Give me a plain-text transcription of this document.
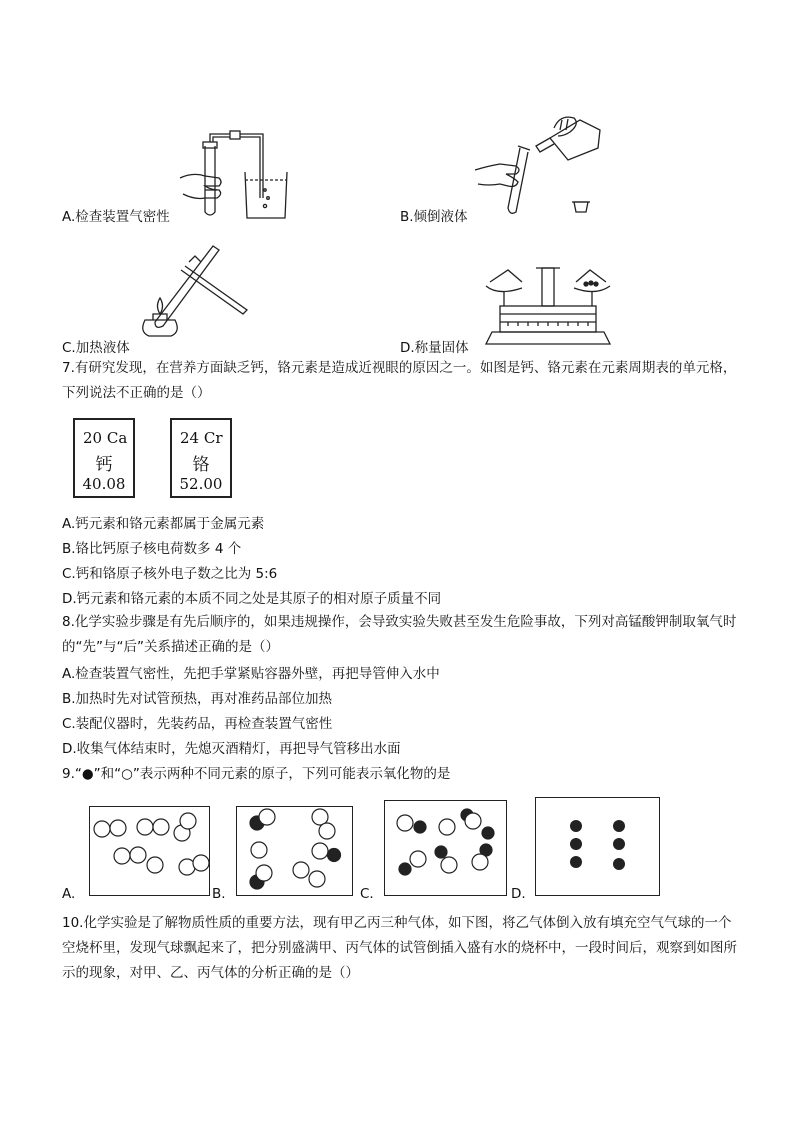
A.检查装置气密性	B.倾倒液体
C.加热液体	D.称量固体
7.有研究发现，在营养方面缺乏钙，铬元素是造成近视眼的原因之一。如图是钙、铬元素在元素周期表的单元格，下列说法不正确的是（）
20 Ca
钙
40.08
24 Cr
铬
52.00
A.钙元素和铬元素都属于金属元素
B.铬比钙原子核电荷数多 4 个
C.钙和铬原子核外电子数之比为 5:6
D.钙元素和铬元素的本质不同之处是其原子的相对原子质量不同
8.化学实验步骤是有先后顺序的，如果违规操作，会导致实验失败甚至发生危险事故，下列对高锰酸钾制取氧气时的“先”与“后”关系描述正确的是（）
A.检查装置气密性，先把手掌紧贴容器外壁，再把导管伸入水中
B.加热时先对试管预热，再对准药品部位加热
C.装配仪器时，先装药品，再检查装置气密性
D.收集气体结束时，先熄灭酒精灯，再把导气管移出水面
9.“●”和“○”表示两种不同元素的原子，下列可能表示氧化物的是
A.	B.	C.	D.
10.化学实验是了解物质性质的重要方法，现有甲乙丙三种气体，如下图，将乙气体倒入放有填充空气气球的一个空烧杯里，发现气球飘起来了，把分别盛满甲、丙气体的试管倒插入盛有水的烧杯中，一段时间后，观察到如图所示的现象，对甲、乙、丙气体的分析正确的是（）
